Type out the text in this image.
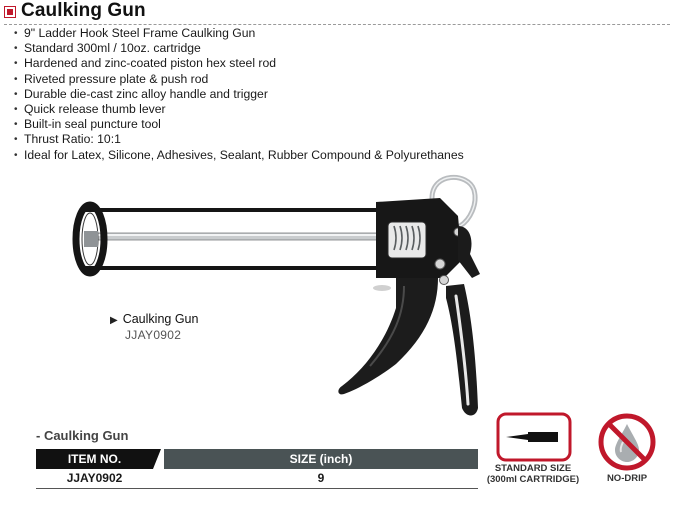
Caulking Gun
• 9" Ladder Hook Steel Frame Caulking Gun
• Standard 300ml / 10oz. cartridge
• Hardened and zinc-coated piston hex steel rod
• Riveted pressure plate & push rod
• Durable die-cast zinc alloy handle and trigger
• Quick release thumb lever
• Built-in seal puncture tool
• Thrust Ratio: 10:1
• Ideal for Latex, Silicone, Adhesives, Sealant, Rubber Compound & Polyurethanes
▶ Caulking Gun
JJAY0902
- Caulking Gun
ITEM NO.	SIZE (inch)
JJAY0902	9
STANDARD SIZE
(300ml CARTRIDGE)	NO-DRIP
